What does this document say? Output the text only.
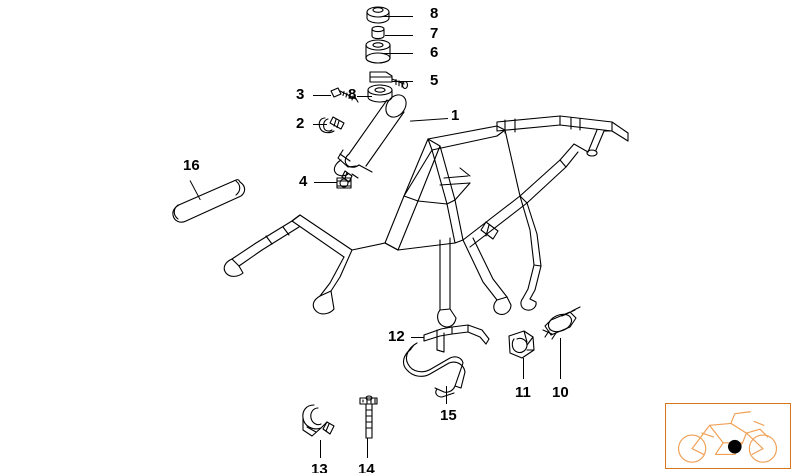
8
7
6
5
3	8
1
2
16
4
12
11 10
15
13 14
